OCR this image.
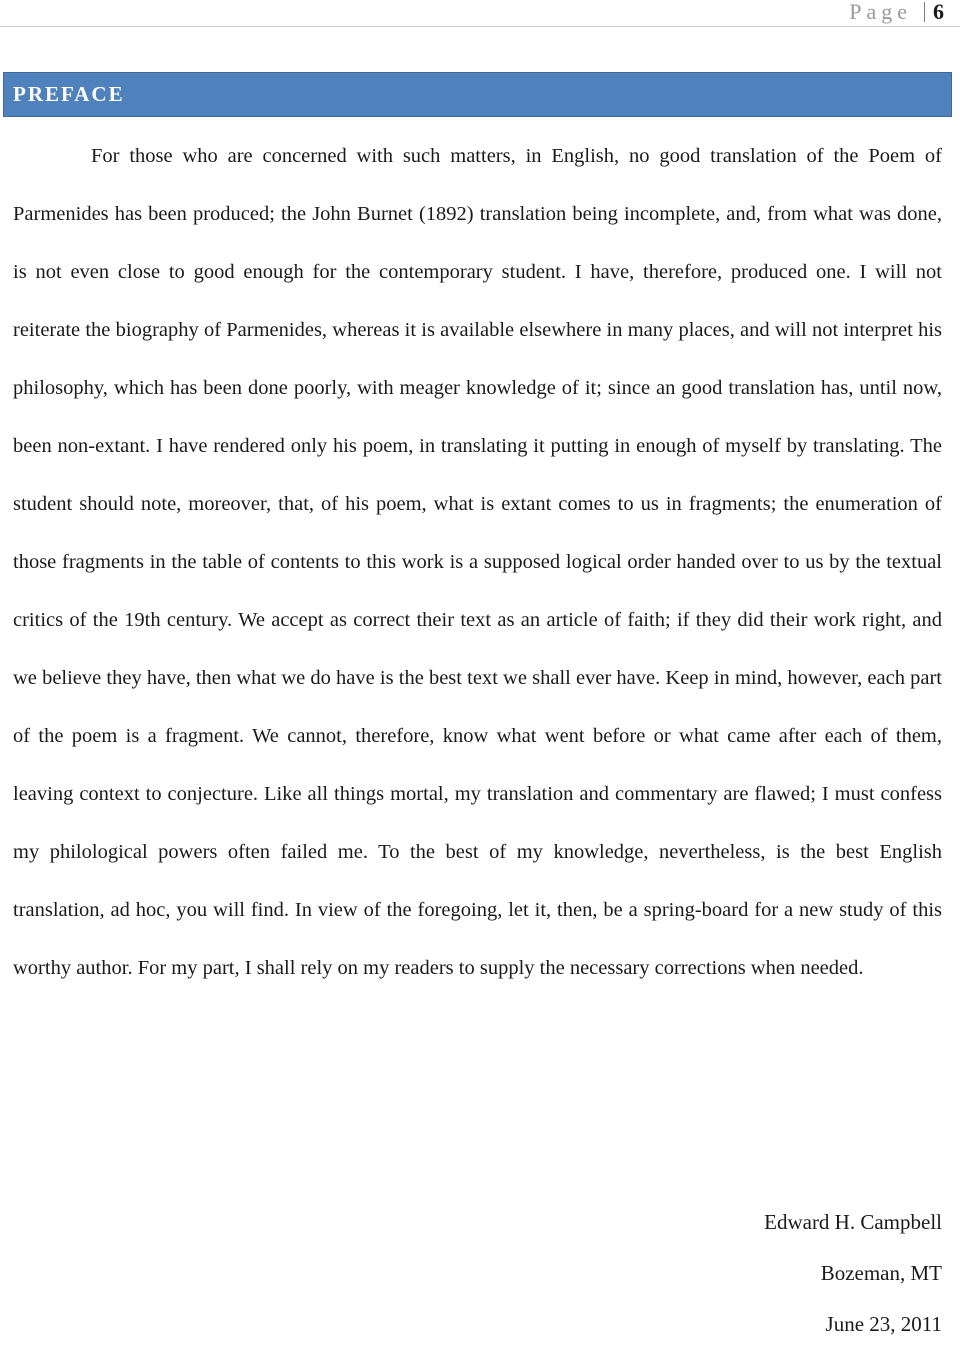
Page 6
PREFACE

For those who are concerned with such matters, in English, no good translation of the Poem of Parmenides has been produced; the John Burnet (1892) translation being incomplete, and, from what was done, is not even close to good enough for the contemporary student. I have, therefore, produced one. I will not reiterate the biography of Parmenides, whereas it is available elsewhere in many places, and will not interpret his philosophy, which has been done poorly, with meager knowledge of it; since an good translation has, until now, been non-extant. I have rendered only his poem, in translating it putting in enough of myself by translating. The student should note, moreover, that, of his poem, what is extant comes to us in fragments; the enumeration of those fragments in the table of contents to this work is a supposed logical order handed over to us by the textual critics of the 19th century. We accept as correct their text as an article of faith; if they did their work right, and we believe they have, then what we do have is the best text we shall ever have. Keep in mind, however, each part of the poem is a fragment. We cannot, therefore, know what went before or what came after each of them, leaving context to conjecture. Like all things mortal, my translation and commentary are flawed; I must confess my philological powers often failed me. To the best of my knowledge, nevertheless, is the best English translation, ad hoc, you will find. In view of the foregoing, let it, then, be a spring-board for a new study of this worthy author. For my part, I shall rely on my readers to supply the necessary corrections when needed.

Edward H. Campbell
Bozeman, MT
June 23, 2011
